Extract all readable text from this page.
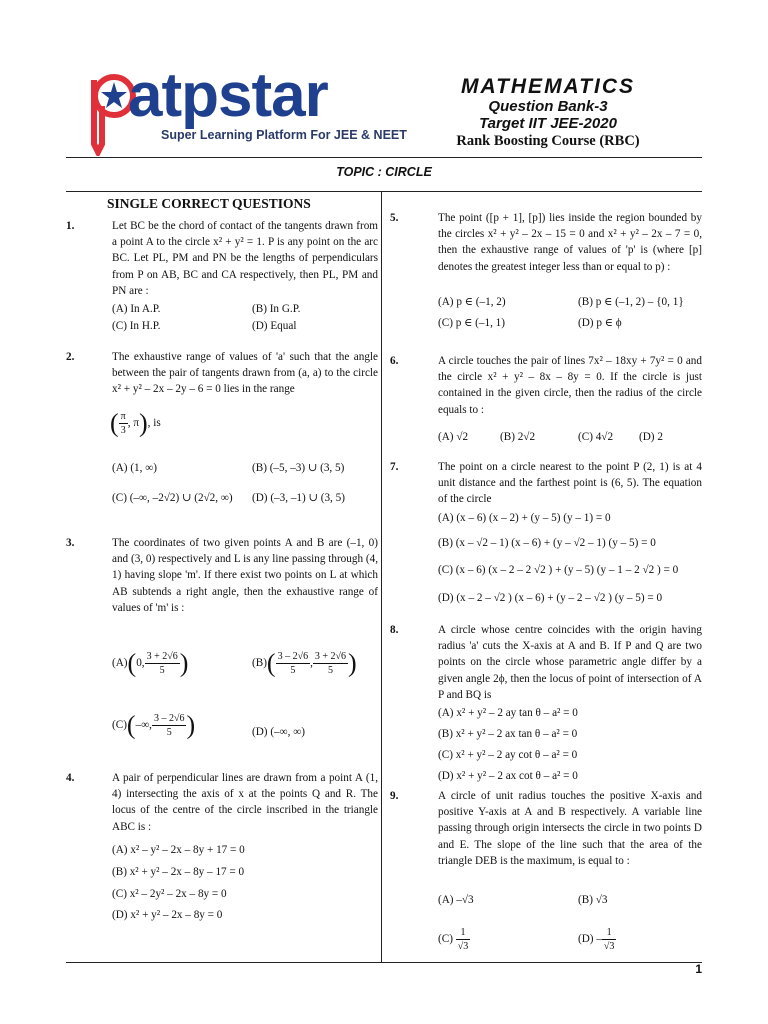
atpstar
Super Learning Platform For JEE & NEET
MATHEMATICS
Question Bank-3
Target IIT JEE-2020
Rank Boosting Course (RBC)
TOPIC : CIRCLE
SINGLE CORRECT QUESTIONS
1.	Let BC be the chord of contact of the tangents drawn from a point A to the circle x² + y² = 1. P is any point on the arc BC. Let PL, PM and PN be the lengths of perpendiculars from P on AB, BC and CA respectively, then PL, PM and PN are :
(A) In A.P.	(B) In G.P.
(C) In H.P.	(D) Equal
2.	The exhaustive range of values of 'a' such that the angle between the pair of tangents drawn from (a, a) to the circle x² + y² – 2x – 2y – 6 = 0 lies in the range
( $\frac{\pi}{3}$ , π), is
(A) (1, ∞)	(B) (–5, –3) ∪ (3, 5)
(C) (–∞, –2√2) ∪ (2√2, ∞) (D) (–3, –1) ∪ (3, 5)
3.	The coordinates of two given points A and B are (–1, 0) and (3, 0) respectively and L is any line passing through (4, 1) having slope 'm'. If there exist two points on L at which AB subtends a right angle, then the exhaustive range of values of 'm' is :
(A)(0, $\frac{3 + 2√6}{5}$ )	$(B)( \frac{3 - 2√6}{5}$ , $\frac{3 + 2√6}{5}$ )
(C)(–∞, $\frac{3 - 2√6}{5}$ )	(D) (–∞, ∞)
4.	A pair of perpendicular lines are drawn from a point A (1, 4) intersecting the axis of x at the points Q and R. The locus of the centre of the circle inscribed in the triangle ABC is :
(A) x² – y² – 2x – 8y + 17 = 0
(B) x² + y² – 2x – 8y – 17 = 0
(C) x² – 2y² – 2x – 8y = 0
(D) x² + y² – 2x – 8y = 0
5.	The point ([p + 1], [p]) lies inside the region bounded by the circles x² + y² – 2x – 15 = 0 and x² + y² – 2x – 7 = 0, then the exhaustive range of values of 'p' is (where [p] denotes the greatest integer less than or equal to p) :
(A) p ∈ (–1, 2)	(B) p ∈ (–1, 2) – {0, 1}
(C) p ∈ (–1, 1)	(D) p ∈ ϕ
6.	A circle touches the pair of lines 7x² – 18xy + 7y² = 0 and the circle x² + y² – 8x – 8y = 0. If the circle is just contained in the given circle, then the radius of the circle equals to :
(A) √2	(B) 2√2	(C) 4√2 (D) 2
7.	The point on a circle nearest to the point P (2, 1) is at 4 unit distance and the farthest point is (6, 5). The equation of the circle
(A) (x – 6) (x – 2) + (y – 5) (y – 1) = 0
(B) (x – √2 – 1) (x – 6) + (y – √2 – 1) (y – 5) = 0
(C) (x – 6) (x – 2 – 2 √2 ) + (y – 5) (y – 1 – 2 √2 ) = 0
(D) (x – 2 – √2 ) (x – 6) + (y – 2 – √2 ) (y – 5) = 0
8.	A circle whose centre coincides with the origin having radius 'a' cuts the X-axis at A and B. If P and Q are two points on the circle whose parametric angle differ by a given angle 2ϕ, then the locus of point of intersection of A P and BQ is
(A) x² + y² – 2 ay tan θ – a² = 0
(B) x² + y² – 2 ax tan θ – a² = 0
(C) x² + y² – 2 ay cot θ – a² = 0
(D) x² + y² – 2 ax cot θ – a² = 0
9.	A circle of unit radius touches the positive X-axis and positive Y-axis at A and B respectively. A variable line passing through origin intersects the circle in two points D and E. The slope of the line such that the area of the triangle DEB is the maximum, is equal to :
(A) –√3	(B) √3
$(C) \frac{1}{√3}$	$(D) - \frac{1}{√3}$
1
